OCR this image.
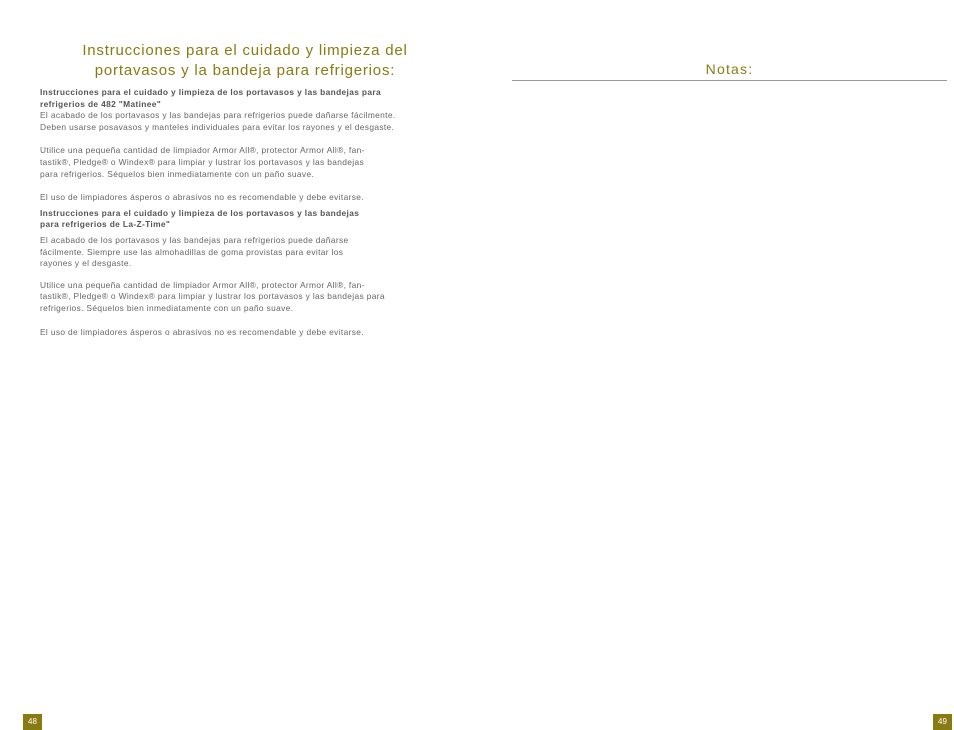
Instrucciones para el cuidado y limpieza del
portavasos y la bandeja para refrigerios:

Instrucciones para el cuidado y limpieza de los portavasos y las bandejas para
refrigerios de 482 "Matinee"

El acabado de los portavasos y las bandejas para refrigerios puede dañarse fácilmente.
Deben usarse posavasos y manteles individuales para evitar los rayones y el desgaste.

Utilice una pequeña cantidad de limpiador Armor All®, protector Armor All®, fan-
tastik®, Pledge® o Windex® para limpiar y lustrar los portavasos y las bandejas
para refrigerios. Séquelos bien inmediatamente con un paño suave.

El uso de limpiadores ásperos o abrasivos no es recomendable y debe evitarse.

Instrucciones para el cuidado y limpieza de los portavasos y las bandejas
para refrigerios de La-Z-Time"

El acabado de los portavasos y las bandejas para refrigerios puede dañarse
fácilmente. Siempre use las almohadillas de goma provistas para evitar los
rayones y el desgaste.

Utilice una pequeña cantidad de limpiador Armor All®, protector Armor All®, fan-
tastik®, Pledge® o Windex® para limpiar y lustrar los portavasos y las bandejas para
refrigerios. Séquelos bien inmediatamente con un paño suave.

El uso de limpiadores ásperos o abrasivos no es recomendable y debe evitarse.

48
Notas:
49
